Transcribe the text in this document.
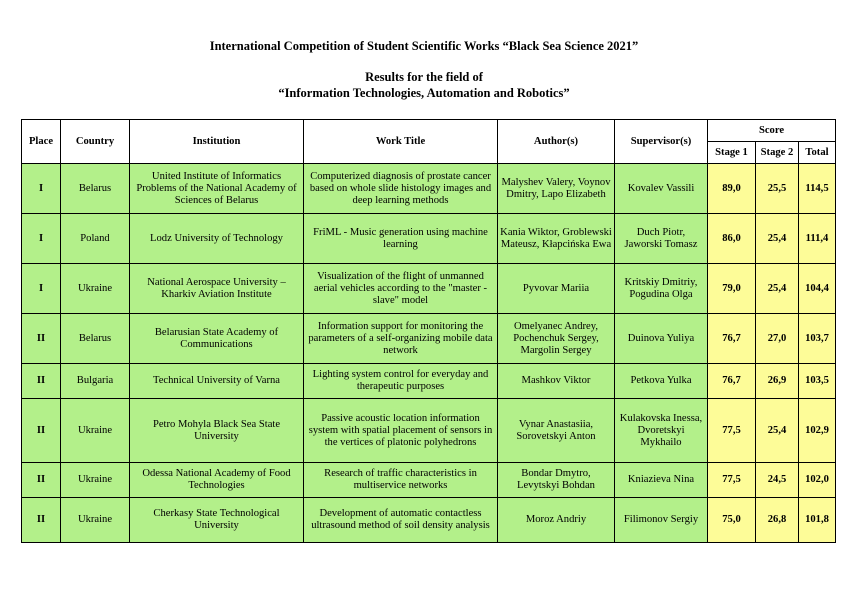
International Competition of Student Scientific Works “Black Sea Science 2021”
Results for the field of
“Information Technologies, Automation and Robotics”
Place	Country	Institution	Work Title	Author(s)	Supervisor(s)	Score		
						Stage 1	Stage 2	Total
I	Belarus	United Institute of Informatics Problems of the National Academy of Sciences of Belarus	Computerized diagnosis of prostate cancer based on whole slide histology images and deep learning methods	Malyshev Valery, Voynov Dmitry, Lapo Elizabeth	Kovalev Vassili	89,0	25,5	114,5
I	Poland	Lodz University of Technology	FriML - Music generation using machine learning	Kania Wiktor, Groblewski Mateusz, Kłapcińska Ewa	Duch Piotr, Jaworski Tomasz	86,0	25,4	111,4
I	Ukraine	National Aerospace University – Kharkiv Aviation Institute	Visualization of the flight of unmanned aerial vehicles according to the "master - slave" model	Pyvovar Mariia	Kritskiy Dmitriy, Pogudina Olga	79,0	25,4	104,4
II	Belarus	Belarusian State Academy of Communications	Information support for monitoring the parameters of a self-organizing mobile data network	Omelyanec Andrey, Pochenchuk Sergey, Margolin Sergey	Duinova Yuliya	76,7	27,0	103,7
II	Bulgaria	Technical University of Varna	Lighting system control for everyday and therapeutic purposes	Mashkov Viktor	Petkova Yulka	76,7	26,9	103,5
II	Ukraine	Petro Mohyla Black Sea State University	Passive acoustic location information system with spatial placement of sensors in the vertices of platonic polyhedrons	Vynar Anastasiia, Sorovetskyi Anton	Kulakovska Inessa, Dvoretskyi Mykhailo	77,5	25,4	102,9
II	Ukraine	Odessa National Academy of Food Technologies	Research of traffic characteristics in multiservice networks	Bondar Dmytro, Levytskyi Bohdan	Kniazieva Nina	77,5	24,5	102,0
II	Ukraine	Cherkasy State Technological University	Development of automatic contactless ultrasound method of soil density analysis	Moroz Andriy	Filimonov Sergiy	75,0	26,8	101,8
